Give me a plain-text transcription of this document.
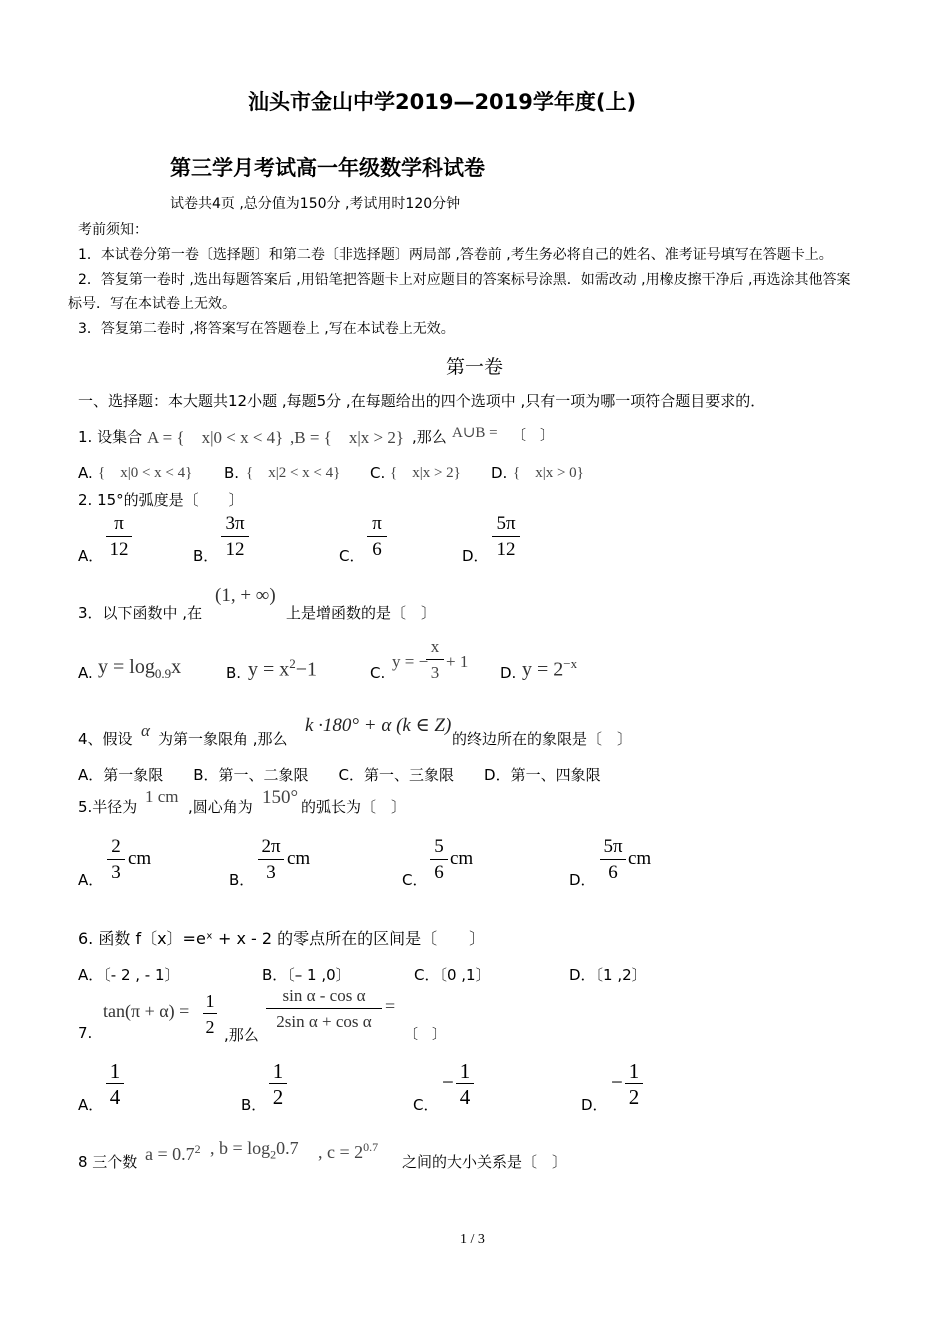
汕头市金山中学2019—2019学年度(上)
第三学月考试高一年级数学科试卷
试卷共4页 ,总分值为150分 ,考试用时120分钟
考前须知：
1．本试卷分第一卷〔选择题〕和第二卷〔非选择题〕两局部 ,答卷前 ,考生务必将自己的姓名、准考证号填写在答题卡上。
2．答复第一卷时 ,选出每题答案后 ,用铅笔把答题卡上对应题目的答案标号涂黑．如需改动 ,用橡皮擦干净后 ,再选涂其他答案
标号．写在本试卷上无效。
3．答复第二卷时 ,将答案写在答题卷上 ,写在本试卷上无效。
第一卷
一、选择题：本大题共12小题 ,每题5分 ,在每题给出的四个选项中 ,只有一项为哪一项符合题目要求的．
1. 设集合 A = {　x|0 < x < 4} ,B = {　x|x > 2} ,那么 A∪B = 〔　〕
A. {　x|0 < x < 4} B. {　x|2 < x < 4} C. {　x|x > 2} D. {　x|x > 0}
2. 15°的弧度是〔　　〕
A．
π
12	B．
3π
12	C．
π
6	D．
5π
12
3．以下函数中 ,在
(1, + ∞)
上是增函数的是〔　〕
A. $y = \log_{0.9}x$	B. $y = x^2-1$	C.
y = −
x
3
+ 1
D. $y = 2^{-x}$
4、假设 α 为第一象限角 ,那么
k ·180° + α (k ∈ Z)
的终边所在的象限是〔　〕
A．第一象限　　B．第一、二象限　　C．第一、三象限　　D．第一、四象限
5.半径为
1 cm
,圆心角为 150° 的弧长为〔　〕
A．
2
3
cm
B．
2π
3
cm
C．
5
6
cm
D．
5π
6
cm
6. 函数 f〔x〕=eˣ + x - 2 的零点所在的区间是〔　　〕
A．〔- 2 , - 1〕	B．〔– 1 ,0〕	C．〔0 ,1〕	D．〔1 ,2〕
7.
tan(π + α) = 1
2 ,那么
sin α - cos α
2sin α + cos α
=
〔　〕
A．
1
4	B．
1
2	C．
− 1
4	D．
− 1
2
8 三个数 $a = 0.7^2$ , $b = \log_20.7$ , $c = 2^{0.7}$
之间的大小关系是〔　〕
1 / 3
